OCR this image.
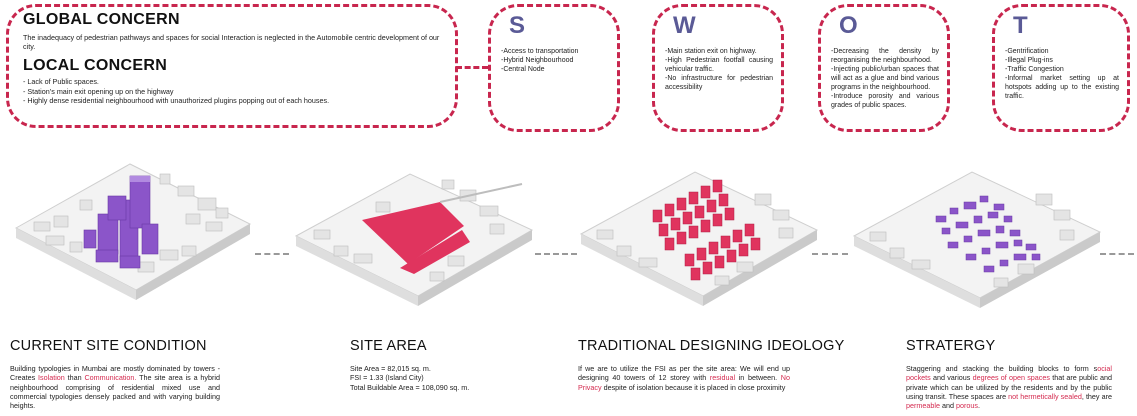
GLOBAL CONCERN

The inadequacy of pedestrian pathways and spaces for social Interaction is neglected in the Automobile centric development of our city.

LOCAL CONCERN
- Lack of Public spaces.
- Station’s main exit opening up on the highway
- Highly dense residential neighbourhood with unauthorized plugins popping out of each houses.
S
-Access to transportation
-Hybrid Neighbourhood
-Central Node
W
-Main station exit on highway.
-High Pedestrian footfall causing vehicular traffic.
-No infrastructure for pedestrian accessibility
O
-Decreasing the density by reorganising the neighbourhood.
-Injecting public/urban spaces that will act as a glue and bind various programs in the neighbourhood.
-Introduce porosity and various grades of public spaces.
T
-Gentrification
-Illegal Plug-ins
-Traffic Congestion
-Informal market setting up at hotspots adding up to the existing traffic.
CURRENT SITE CONDITION

Building typologies in Mumbai are mostly dominated by towers - Creates Isolation than Communication. The site area is a hybrid neighbourhood comprising of residential mixed use and commercial typologies densely packed and with varying building heights.

SITE AREA
Site Area = 82,015 sq. m.
FSI = 1.33 (Island City)
Total Buildable Area = 108,090 sq. m.
TRADITIONAL DESIGNING IDEOLOGY

If we are to utilize the FSI as per the site area: We will end up designing 40 towers of 12 storey with residual in between. No Privacy despite of isolation because it is placed in close proximity

STRATERGY

Staggering and stacking the building blocks to form social pockets and various degrees of open spaces that are public and private which can be utilized by the residents and by the public using transit. These spaces are not hermetically sealed, they are permeable and porous.
